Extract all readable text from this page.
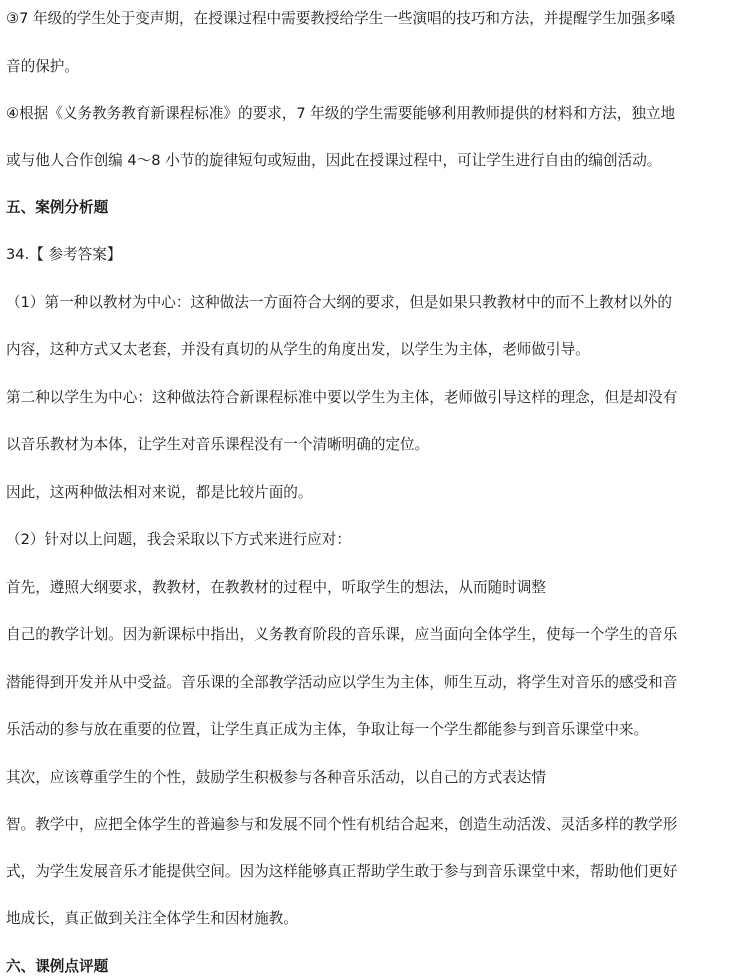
③7 年级的学生处于变声期，在授课过程中需要教授给学生一些演唱的技巧和方法，并提醒学生加强多嗓
音的保护。
④根据《义务教务教育新课程标准》的要求，7 年级的学生需要能够利用教师提供的材料和方法，独立地
或与他人合作创编 4～8 小节的旋律短句或短曲，因此在授课过程中，可让学生进行自由的编创活动。
五、案例分析题
34.【 参考答案】
（1）第一种以教材为中心：这种做法一方面符合大纲的要求，但是如果只教教材中的而不上教材以外的
内容，这种方式又太老套，并没有真切的从学生的角度出发，以学生为主体，老师做引导。
第二种以学生为中心：这种做法符合新课程标准中要以学生为主体，老师做引导这样的理念，但是却没有
以音乐教材为本体，让学生对音乐课程没有一个清晰明确的定位。
因此，这两种做法相对来说，都是比较片面的。
（2）针对以上问题，我会采取以下方式来进行应对：
首先，遵照大纲要求，教教材，在教教材的过程中，听取学生的想法，从而随时调整
自己的教学计划。因为新课标中指出，义务教育阶段的音乐课，应当面向全体学生，使每一个学生的音乐
潜能得到开发并从中受益。音乐课的全部教学活动应以学生为主体，师生互动，将学生对音乐的感受和音
乐活动的参与放在重要的位置，让学生真正成为主体，争取让每一个学生都能参与到音乐课堂中来。
其次，应该尊重学生的个性，鼓励学生积极参与各种音乐活动，以自己的方式表达情
智。教学中，应把全体学生的普遍参与和发展不同个性有机结合起来，创造生动活泼、灵活多样的教学形
式，为学生发展音乐才能提供空间。因为这样能够真正帮助学生敢于参与到音乐课堂中来，帮助他们更好
地成长，真正做到关注全体学生和因材施教。
六、课例点评题
